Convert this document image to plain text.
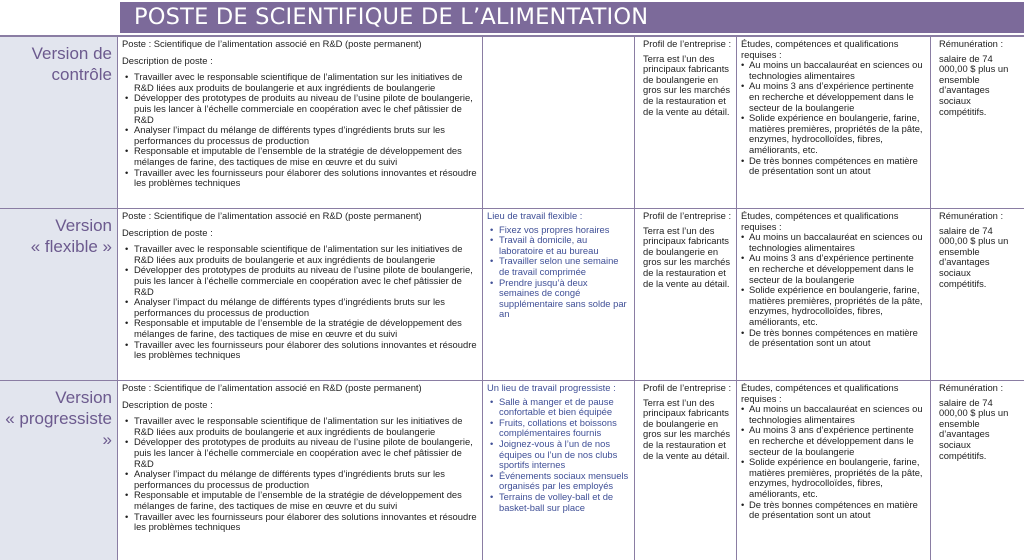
POSTE DE SCIENTIFIQUE DE L’ALIMENTATION
Version de
contrôle
Poste : Scientifique de l’alimentation associé en R&D (poste permanent)
Description de poste :
• Travailler avec le responsable scientifique de l’alimentation sur les initiatives de R&D liées aux produits de boulangerie et aux ingrédients de boulangerie
• Développer des prototypes de produits au niveau de l’usine pilote de boulangerie, puis les lancer à l’échelle commerciale en coopération avec le chef pâtissier de R&D
• Analyser l’impact du mélange de différents types d’ingrédients bruts sur les performances du processus de production
• Responsable et imputable de l’ensemble de la stratégie de développement des mélanges de farine, des tactiques de mise en œuvre et du suivi
• Travailler avec les fournisseurs pour élaborer des solutions innovantes et résoudre les problèmes techniques
Profil de l’entreprise :
Terra est l’un des principaux fabricants de boulangerie en gros sur les marchés de la restauration et de la vente au détail.
Études, compétences et qualifications requises :
• Au moins un baccalauréat en sciences ou technologies alimentaires
• Au moins 3 ans d’expérience pertinente en recherche et développement dans le secteur de la boulangerie
• Solide expérience en boulangerie, farine, matières premières, propriétés de la pâte, enzymes, hydrocolloïdes, fibres, améliorants, etc.
• De très bonnes compétences en matière de présentation sont un atout
Rémunération :
salaire de 74 000,00 $ plus un ensemble d’avantages sociaux compétitifs.
Version
« flexible »
Poste : Scientifique de l’alimentation associé en R&D (poste permanent)
Description de poste :
• Travailler avec le responsable scientifique de l’alimentation sur les initiatives de R&D liées aux produits de boulangerie et aux ingrédients de boulangerie
• Développer des prototypes de produits au niveau de l’usine pilote de boulangerie, puis les lancer à l’échelle commerciale en coopération avec le chef pâtissier de R&D
• Analyser l’impact du mélange de différents types d’ingrédients bruts sur les performances du processus de production
• Responsable et imputable de l’ensemble de la stratégie de développement des mélanges de farine, des tactiques de mise en œuvre et du suivi
• Travailler avec les fournisseurs pour élaborer des solutions innovantes et résoudre les problèmes techniques
Lieu de travail flexible :
• Fixez vos propres horaires
• Travail à domicile, au laboratoire et au bureau
• Travailler selon une semaine de travail comprimée
• Prendre jusqu’à deux semaines de congé supplémentaire sans solde par an
Profil de l’entreprise :
Terra est l’un des principaux fabricants de boulangerie en gros sur les marchés de la restauration et de la vente au détail.
Études, compétences et qualifications requises :
• Au moins un baccalauréat en sciences ou technologies alimentaires
• Au moins 3 ans d’expérience pertinente en recherche et développement dans le secteur de la boulangerie
• Solide expérience en boulangerie, farine, matières premières, propriétés de la pâte, enzymes, hydrocolloïdes, fibres, améliorants, etc.
• De très bonnes compétences en matière de présentation sont un atout
Rémunération :
salaire de 74 000,00 $ plus un ensemble d’avantages sociaux compétitifs.
Version
« progressiste »
Poste : Scientifique de l’alimentation associé en R&D (poste permanent)
Description de poste :
• Travailler avec le responsable scientifique de l’alimentation sur les initiatives de R&D liées aux produits de boulangerie et aux ingrédients de boulangerie
• Développer des prototypes de produits au niveau de l’usine pilote de boulangerie, puis les lancer à l’échelle commerciale en coopération avec le chef pâtissier de R&D
• Analyser l’impact du mélange de différents types d’ingrédients bruts sur les performances du processus de production
• Responsable et imputable de l’ensemble de la stratégie de développement des mélanges de farine, des tactiques de mise en œuvre et du suivi
• Travailler avec les fournisseurs pour élaborer des solutions innovantes et résoudre les problèmes techniques
Un lieu de travail progressiste :
• Salle à manger et de pause confortable et bien équipée
• Fruits, collations et boissons complémentaires fournis
• Joignez-vous à l’un de nos équipes ou l’un de nos clubs sportifs internes
• Événements sociaux mensuels organisés par les employés
• Terrains de volley-ball et de basket-ball sur place
Profil de l’entreprise :
Terra est l’un des principaux fabricants de boulangerie en gros sur les marchés de la restauration et de la vente au détail.
Études, compétences et qualifications requises :
• Au moins un baccalauréat en sciences ou technologies alimentaires
• Au moins 3 ans d’expérience pertinente en recherche et développement dans le secteur de la boulangerie
• Solide expérience en boulangerie, farine, matières premières, propriétés de la pâte, enzymes, hydrocolloïdes, fibres, améliorants, etc.
• De très bonnes compétences en matière de présentation sont un atout
Rémunération :
salaire de 74 000,00 $ plus un ensemble d’avantages sociaux compétitifs.
